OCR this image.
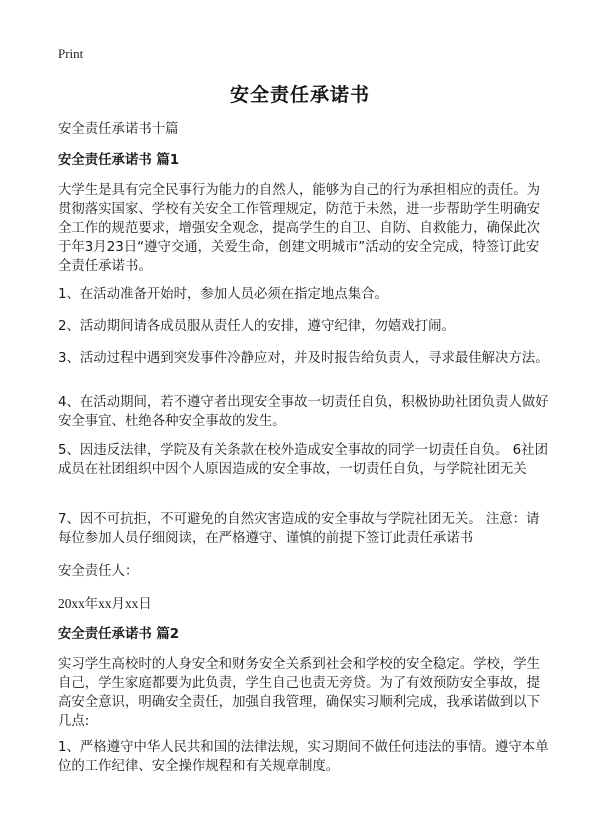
Print
安全责任承诺书
安全责任承诺书十篇
安全责任承诺书 篇1
大学生是具有完全民事行为能力的自然人，能够为自己的行为承担相应的责任。为贯彻落实国家、学校有关安全工作管理规定，防范于未然，进一步帮助学生明确安全工作的规范要求，增强安全观念，提高学生的自卫、自防、自救能力，确保此次于年3月23日“遵守交通，关爱生命，创建文明城市”活动的安全完成，特签订此安全责任承诺书。
1、在活动准备开始时，参加人员必须在指定地点集合。
2、活动期间请各成员服从责任人的安排，遵守纪律，勿嬉戏打闹。
3、活动过程中遇到突发事件冷静应对，并及时报告给负责人，寻求最佳解决方法。
4、在活动期间，若不遵守者出现安全事故一切责任自负，积极协助社团负责人做好安全事宜、杜绝各种安全事故的发生。
5、因违反法律，学院及有关条款在校外造成安全事故的同学一切责任自负。 6社团成员在社团组织中因个人原因造成的安全事故，一切责任自负，与学院社团无关
7、因不可抗拒，不可避免的自然灾害造成的安全事故与学院社团无关。 注意：请每位参加人员仔细阅读，在严格遵守、谨慎的前提下签订此责任承诺书
安全责任人：
20xx年xx月xx日
安全责任承诺书 篇2
实习学生高校时的人身安全和财务安全关系到社会和学校的安全稳定。学校，学生自己，学生家庭都要为此负责，学生自己也责无旁贷。为了有效预防安全事故，提高安全意识，明确安全责任，加强自我管理，确保实习顺利完成，我承诺做到以下几点:
1、严格遵守中华人民共和国的法律法规，实习期间不做任何违法的事情。遵守本单位的工作纪律、安全操作规程和有关规章制度。
